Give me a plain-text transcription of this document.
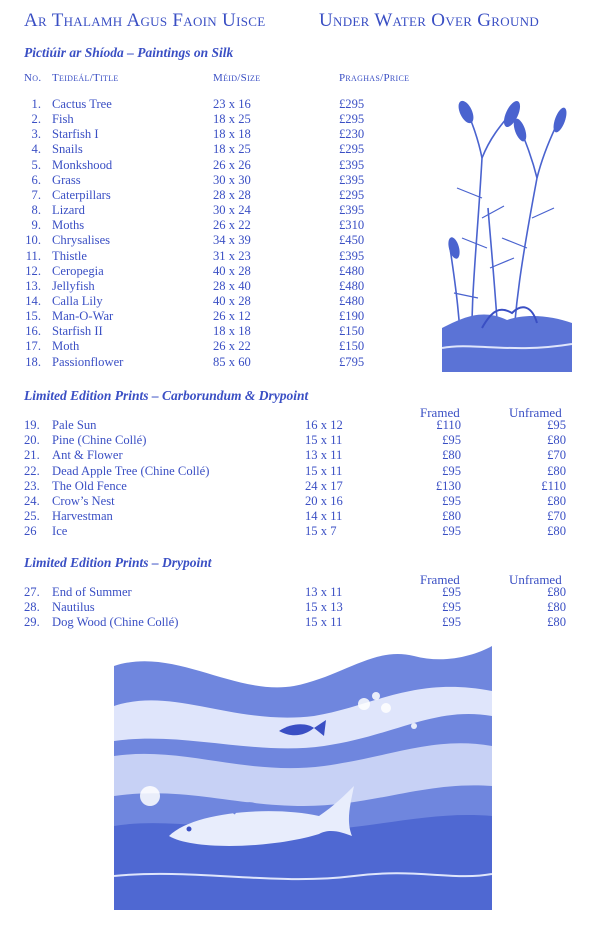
Ar Thalamh Agus Faoin Uisce	Under Water Over Ground
Pictiúir ar Shíoda – Paintings on Silk
No. Teideál/Title	Méid/Size	Praghas/Price
1. Cactus Tree	23 x 16	£295
2. Fish	18 x 25	£295
3. Starfish I	18 x 18	£230
4. Snails	18 x 25	£295
5. Monkshood	26 x 26	£395
6. Grass	30 x 30	£395
7. Caterpillars	28 x 28	£295
8. Lizard	30 x 24	£395
9. Moths	26 x 22	£310
10. Chrysalises	34 x 39	£450
11. Thistle	31 x 23	£395
12. Ceropegia	40 x 28	£480
13. Jellyfish	28 x 40	£480
14. Calla Lily	40 x 28	£480
15. Man-O-War	26 x 12	£190
16. Starfish II	18 x 18	£150
17. Moth	26 x 22	£150
18. Passionflower	85 x 60	£795
Limited Edition Prints – Carborundum & Drypoint
Framed	Unframed
19. Pale Sun	16 x 12	£110	£95
20. Pine (Chine Collé)	15 x 11	£95	£80
21. Ant & Flower	13 x 11	£80	£70
22. Dead Apple Tree (Chine Collé)	15 x 11	£95	£80
23. The Old Fence	24 x 17	£130	£110
24. Crow’s Nest	20 x 16	£95	£80
25. Harvestman	14 x 11	£80	£70
26 Ice	15 x 7	£95	£80
Limited Edition Prints – Drypoint
Framed	Unframed
27. End of Summer	13 x 11	£95	£80
28. Nautilus	15 x 13	£95	£80
29. Dog Wood (Chine Collé)	15 x 11	£95	£80
